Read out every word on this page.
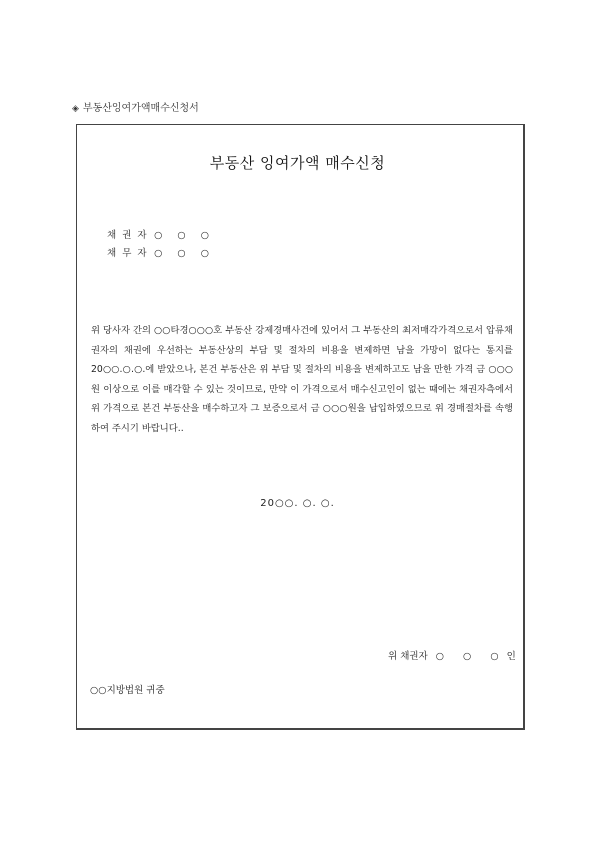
◈ 부동산잉여가액매수신청서
부동산 잉여가액 매수신청
채 권 자 ○ ○ ○
채 무 자 ○ ○ ○
위 당사자 간의 ○○타경○○○호 부동산 강제경매사건에 있어서 그 부동산의 최저매각가격으로서 압류채권자의 채권에 우선하는 부동산상의 부담 및 절차의 비용을 변제하면 남을 가망이 없다는 통지를 20○○.○.○.에 받았으나, 본건 부동산은 위 부담 및 절차의 비용을 변제하고도 남을 만한 가격 금 ○○○원 이상으로 이를 매각할 수 있는 것이므로, 만약 이 가격으로서 매수신고인이 없는 때에는 채권자측에서 위 가격으로 본건 부동산을 매수하고자 그 보증으로서 금 ○○○원을 납입하였으므로 위 경매절차를 속행하여 주시기 바랍니다..
20○○. ○. ○.
위 채권자 ○ ○ ○인
○○지방법원 귀중
